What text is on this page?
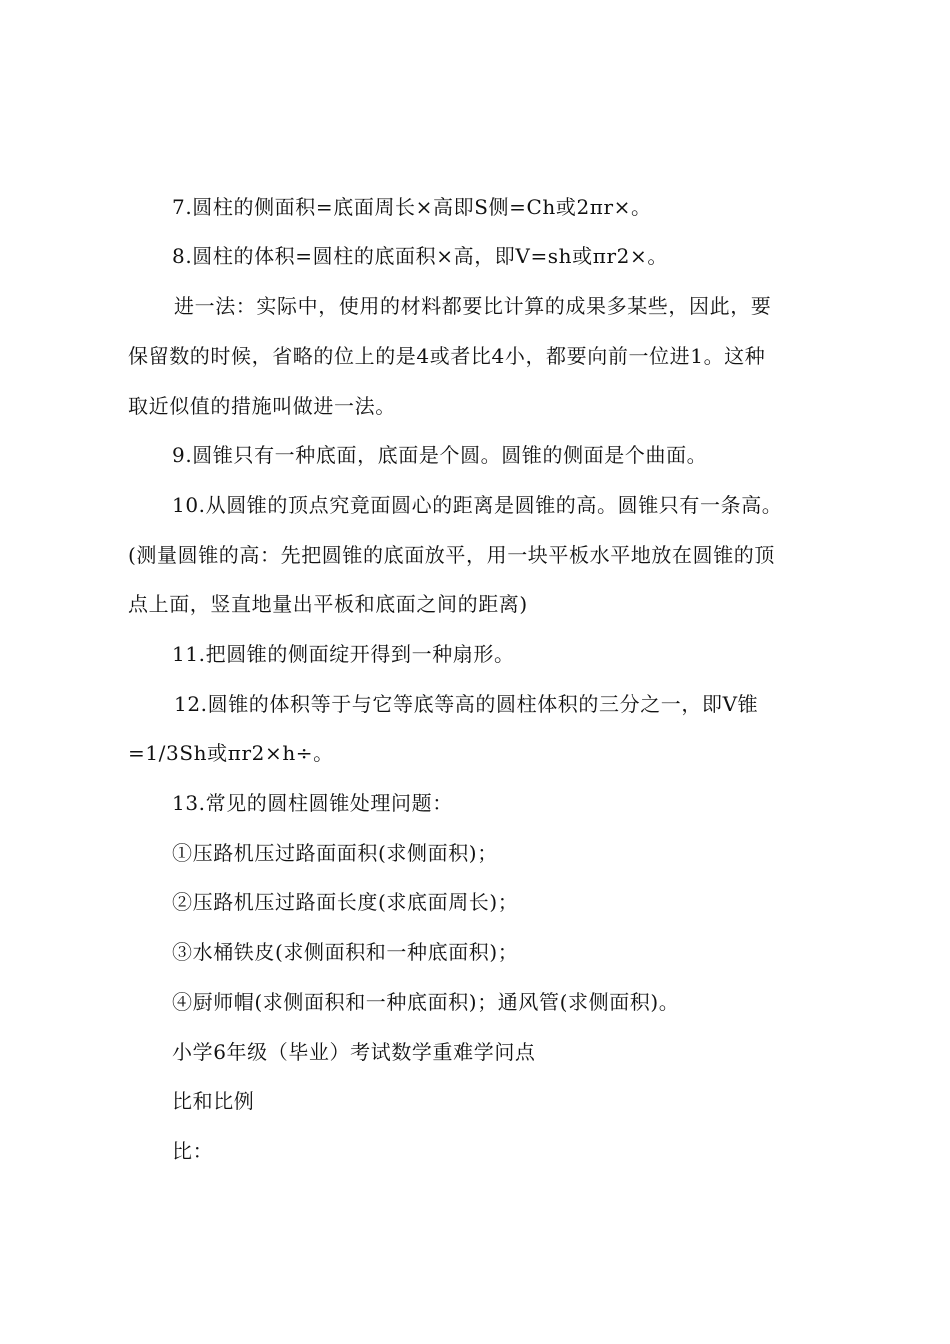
7.圆柱的侧面积=底面周长×高即S侧=Ch或2πr×。
8.圆柱的体积=圆柱的底面积×高，即V=sh或πr2×。
进一法：实际中，使用的材料都要比计算的成果多某些，因此，要
保留数的时候，省略的位上的是4或者比4小，都要向前一位进1。这种
取近似值的措施叫做进一法。
9.圆锥只有一种底面，底面是个圆。圆锥的侧面是个曲面。
10.从圆锥的顶点究竟面圆心的距离是圆锥的高。圆锥只有一条高。
(测量圆锥的高：先把圆锥的底面放平，用一块平板水平地放在圆锥的顶
点上面，竖直地量出平板和底面之间的距离)
11.把圆锥的侧面绽开得到一种扇形。
12.圆锥的体积等于与它等底等高的圆柱体积的三分之一，即V锥
=1/3Sh或πr2×h÷。
13.常见的圆柱圆锥处理问题：
①压路机压过路面面积(求侧面积)；
②压路机压过路面长度(求底面周长)；
③水桶铁皮(求侧面积和一种底面积)；
④厨师帽(求侧面积和一种底面积)；通风管(求侧面积)。
小学6年级（毕业）考试数学重难学问点
比和比例
比：
